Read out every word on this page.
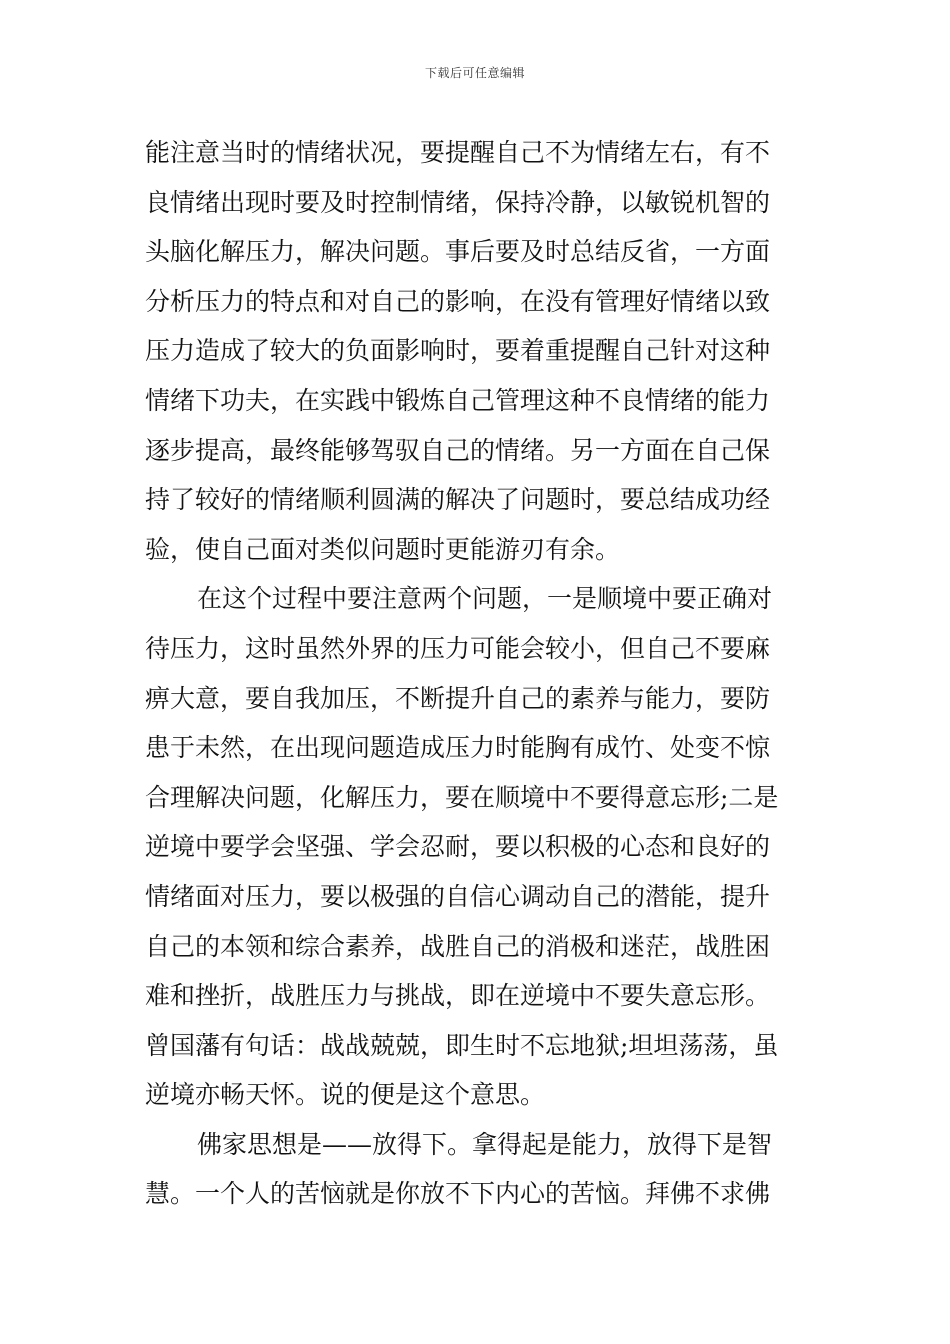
下载后可任意编辑
能注意当时的情绪状况，要提醒自己不为情绪左右，有不
良情绪出现时要及时控制情绪，保持冷静，以敏锐机智的
头脑化解压力，解决问题。事后要及时总结反省，一方面
分析压力的特点和对自己的影响，在没有管理好情绪以致
压力造成了较大的负面影响时，要着重提醒自己针对这种
情绪下功夫，在实践中锻炼自己管理这种不良情绪的能力
逐步提高，最终能够驾驭自己的情绪。另一方面在自己保
持了较好的情绪顺利圆满的解决了问题时，要总结成功经
验，使自己面对类似问题时更能游刃有余。
在这个过程中要注意两个问题，一是顺境中要正确对
待压力，这时虽然外界的压力可能会较小，但自己不要麻
痹大意，要自我加压，不断提升自己的素养与能力，要防
患于未然，在出现问题造成压力时能胸有成竹、处变不惊
合理解决问题，化解压力，要在顺境中不要得意忘形;二是
逆境中要学会坚强、学会忍耐，要以积极的心态和良好的
情绪面对压力，要以极强的自信心调动自己的潜能，提升
自己的本领和综合素养，战胜自己的消极和迷茫，战胜困
难和挫折，战胜压力与挑战，即在逆境中不要失意忘形。
曾国藩有句话：战战兢兢，即生时不忘地狱;坦坦荡荡，虽
逆境亦畅天怀。说的便是这个意思。
佛家思想是——放得下。拿得起是能力，放得下是智
慧。一个人的苦恼就是你放不下内心的苦恼。拜佛不求佛
